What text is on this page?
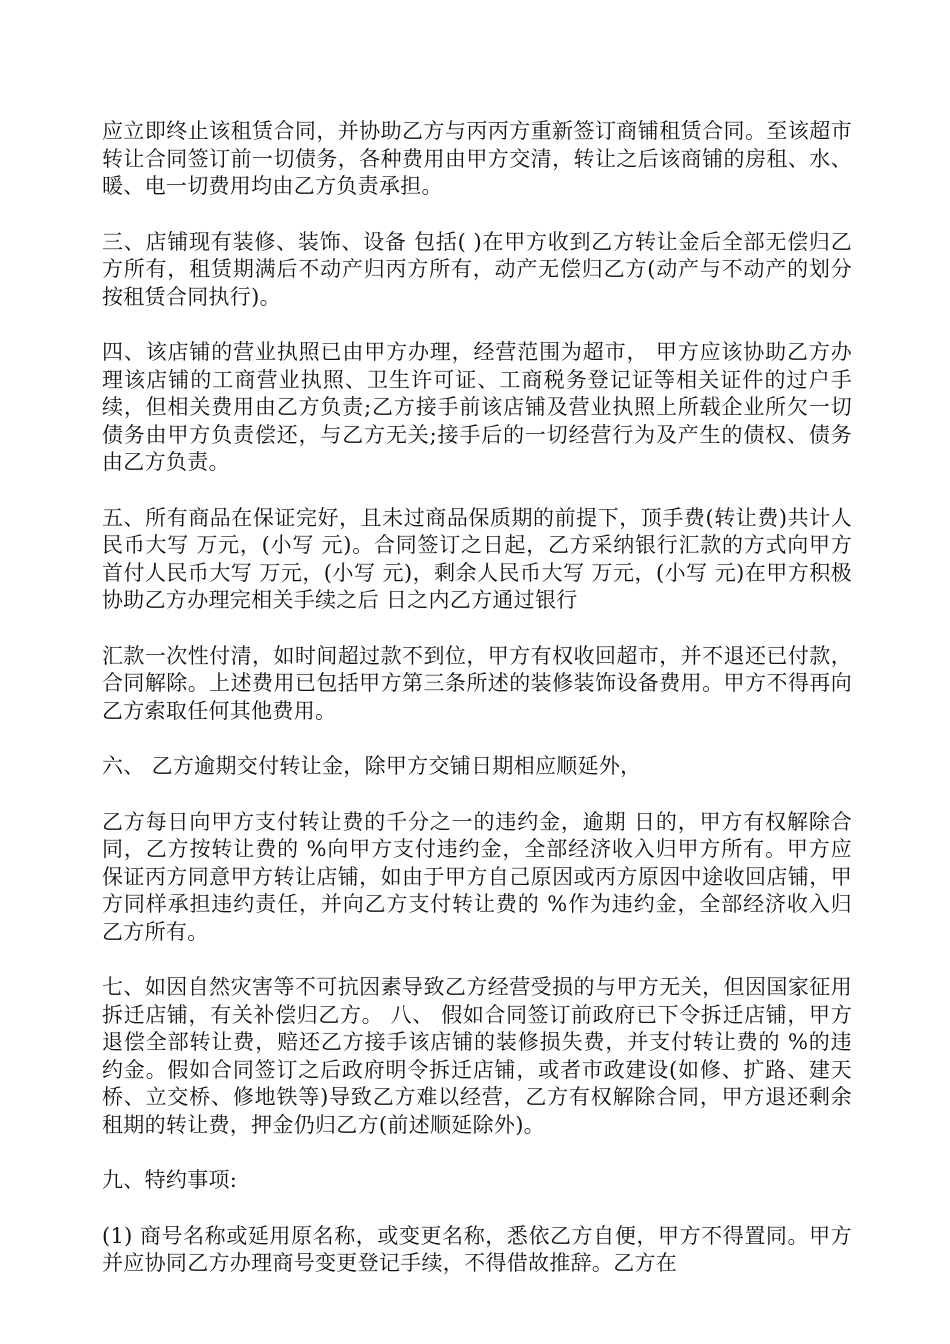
应立即终止该租赁合同，并协助乙方与丙丙方重新签订商铺租赁合同。至该超市转让合同签订前一切债务，各种费用由甲方交清，转让之后该商铺的房租、水、暖、电一切费用均由乙方负责承担。

三、店铺现有装修、装饰、设备 包括( )在甲方收到乙方转让金后全部无偿归乙方所有，租赁期满后不动产归丙方所有，动产无偿归乙方(动产与不动产的划分按租赁合同执行)。

四、该店铺的营业执照已由甲方办理，经营范围为超市， 甲方应该协助乙方办理该店铺的工商营业执照、卫生许可证、工商税务登记证等相关证件的过户手续，但相关费用由乙方负责;乙方接手前该店铺及营业执照上所载企业所欠一切债务由甲方负责偿还，与乙方无关;接手后的一切经营行为及产生的债权、债务由乙方负责。

五、所有商品在保证完好，且未过商品保质期的前提下，顶手费(转让费)共计人民币大写 万元，(小写 元)。合同签订之日起，乙方采纳银行汇款的方式向甲方首付人民币大写 万元，(小写 元)，剩余人民币大写 万元，(小写 元)在甲方积极协助乙方办理完相关手续之后 日之内乙方通过银行

汇款一次性付清，如时间超过款不到位，甲方有权收回超市，并不退还已付款，合同解除。上述费用已包括甲方第三条所述的装修装饰设备费用。甲方不得再向乙方索取任何其他费用。

六、 乙方逾期交付转让金，除甲方交铺日期相应顺延外，

乙方每日向甲方支付转让费的千分之一的违约金，逾期 日的，甲方有权解除合同，乙方按转让费的 %向甲方支付违约金，全部经济收入归甲方所有。甲方应保证丙方同意甲方转让店铺，如由于甲方自己原因或丙方原因中途收回店铺，甲方同样承担违约责任，并向乙方支付转让费的 %作为违约金，全部经济收入归乙方所有。

七、如因自然灾害等不可抗因素导致乙方经营受损的与甲方无关，但因国家征用拆迁店铺，有关补偿归乙方。 八、 假如合同签订前政府已下令拆迁店铺，甲方退偿全部转让费，赔还乙方接手该店铺的装修损失费，并支付转让费的 %的违约金。假如合同签订之后政府明令拆迁店铺，或者市政建设(如修、扩路、建天桥、立交桥、修地铁等)导致乙方难以经营，乙方有权解除合同，甲方退还剩余租期的转让费，押金仍归乙方(前述顺延除外)。

九、特约事项:

(1) 商号名称或延用原名称，或变更名称，悉依乙方自便，甲方不得置同。甲方并应协同乙方办理商号变更登记手续，不得借故推辞。乙方在
